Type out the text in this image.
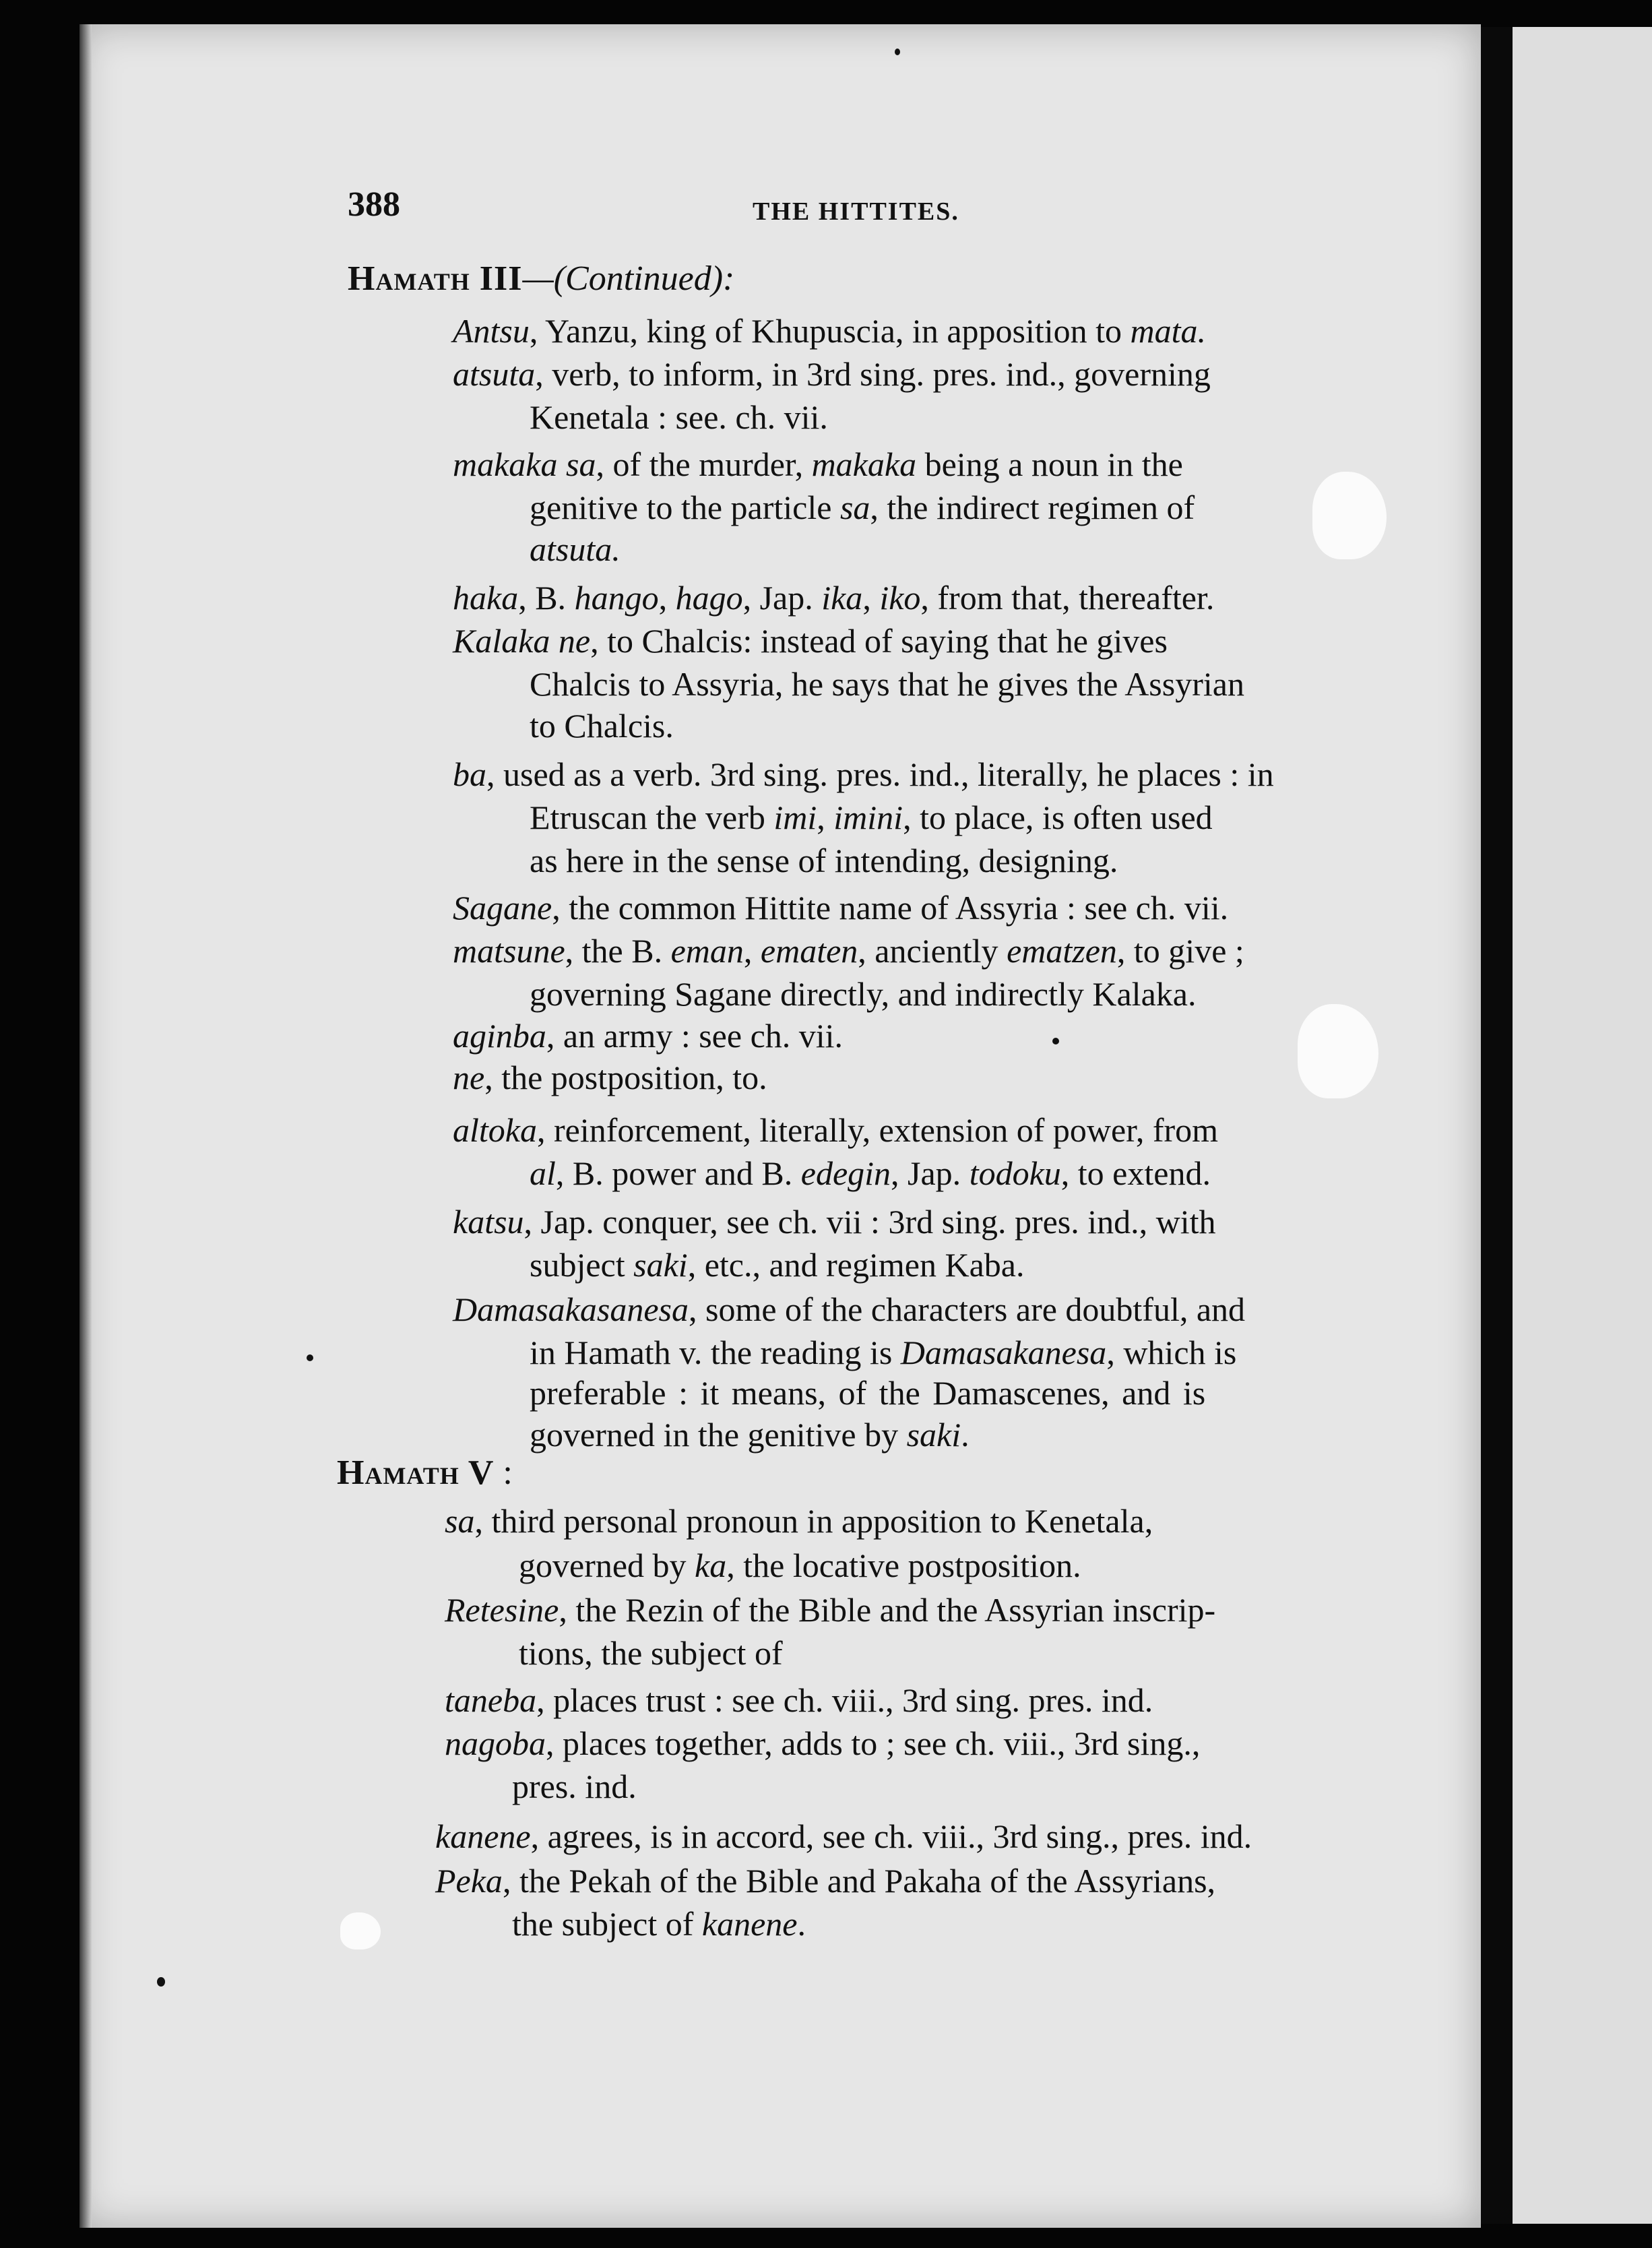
388	THE HITTITES.
Hamath III—(Continued):
Antsu, Yanzu, king of Khupuscia, in apposition to mata.
atsuta, verb, to inform, in 3rd sing. pres. ind., governing
Kenetala : see. ch. vii.
makaka sa, of the murder, makaka being a noun in the
genitive to the particle sa, the indirect regimen of
atsuta.
haka, B. hango, hago, Jap. ika, iko, from that, thereafter.
Kalaka ne, to Chalcis: instead of saying that he gives
Chalcis to Assyria, he says that he gives the Assyrian
to Chalcis.
ba, used as a verb. 3rd sing. pres. ind., literally, he places : in
Etruscan the verb imi, imini, to place, is often used
as here in the sense of intending, designing.
Sagane, the common Hittite name of Assyria : see ch. vii.
matsune, the B. eman, ematen, anciently ematzen, to give ;
governing Sagane directly, and indirectly Kalaka.
aginba, an army : see ch. vii.
ne, the postposition, to.
altoka, reinforcement, literally, extension of power, from
al, B. power and B. edegin, Jap. todoku, to extend.
katsu, Jap. conquer, see ch. vii : 3rd sing. pres. ind., with
subject saki, etc., and regimen Kaba.
Damasakasanesa, some of the characters are doubtful, and
in Hamath v. the reading is Damasakanesa, which is
preferable : it means, of the Damascenes, and is
governed in the genitive by saki.
Hamath V :
sa, third personal pronoun in apposition to Kenetala,
governed by ka, the locative postposition.
Retesine, the Rezin of the Bible and the Assyrian inscrip-
tions, the subject of
taneba, places trust : see ch. viii., 3rd sing. pres. ind.
nagoba, places together, adds to ; see ch. viii., 3rd sing.,
pres. ind.
kanene, agrees, is in accord, see ch. viii., 3rd sing., pres. ind.
Peka, the Pekah of the Bible and Pakaha of the Assyrians,
the subject of kanene.
